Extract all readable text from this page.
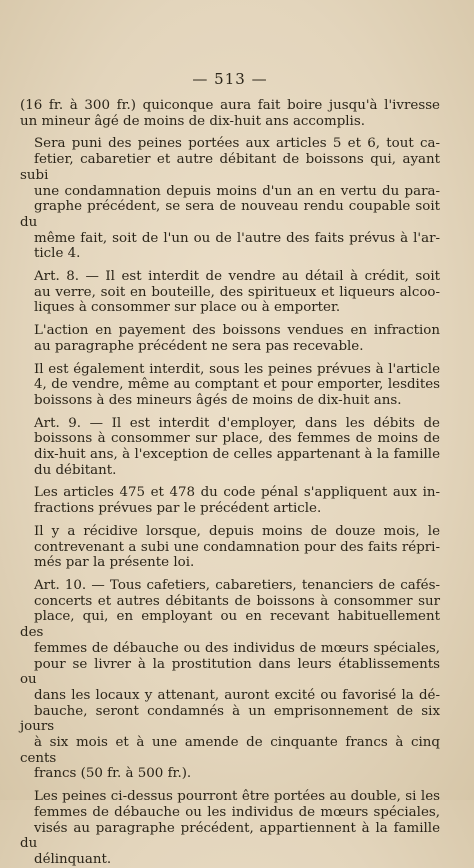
— 513 —
(16 fr. à 300 fr.) quiconque aura fait boire jusqu'à l'ivresse
un mineur âgé de moins de dix-huit ans accomplis.
Sera puni des peines portées aux articles 5 et 6, tout ca-
fetier, cabaretier et autre débitant de boissons qui, ayant subi
une condamnation depuis moins d'un an en vertu du para-
graphe précédent, se sera de nouveau rendu coupable soit du
même fait, soit de l'un ou de l'autre des faits prévus à l'ar-
ticle 4.
Art. 8. — Il est interdit de vendre au détail à crédit, soit
au verre, soit en bouteille, des spiritueux et liqueurs alcoo-
liques à consommer sur place ou à emporter.
L'action en payement des boissons vendues en infraction
au paragraphe précédent ne sera pas recevable.
Il est également interdit, sous les peines prévues à l'article
4, de vendre, même au comptant et pour emporter, lesdites
boissons à des mineurs âgés de moins de dix-huit ans.
Art. 9. — Il est interdit d'employer, dans les débits de
boissons à consommer sur place, des femmes de moins de
dix-huit ans, à l'exception de celles appartenant à la famille
du débitant.
Les articles 475 et 478 du code pénal s'appliquent aux in-
fractions prévues par le précédent article.
Il y a récidive lorsque, depuis moins de douze mois, le
contrevenant a subi une condamnation pour des faits répri-
més par la présente loi.
Art. 10. — Tous cafetiers, cabaretiers, tenanciers de cafés-
concerts et autres débitants de boissons à consommer sur
place, qui, en employant ou en recevant habituellement des
femmes de débauche ou des individus de mœurs spéciales,
pour se livrer à la prostitution dans leurs établissements ou
dans les locaux y attenant, auront excité ou favorisé la dé-
bauche, seront condamnés à un emprisonnement de six jours
à six mois et à une amende de cinquante francs à cinq cents
francs (50 fr. à 500 fr.).
Les peines ci-dessus pourront être portées au double, si les
femmes de débauche ou les individus de mœurs spéciales,
visés au paragraphe précédent, appartiennent à la famille du
délinquant.
